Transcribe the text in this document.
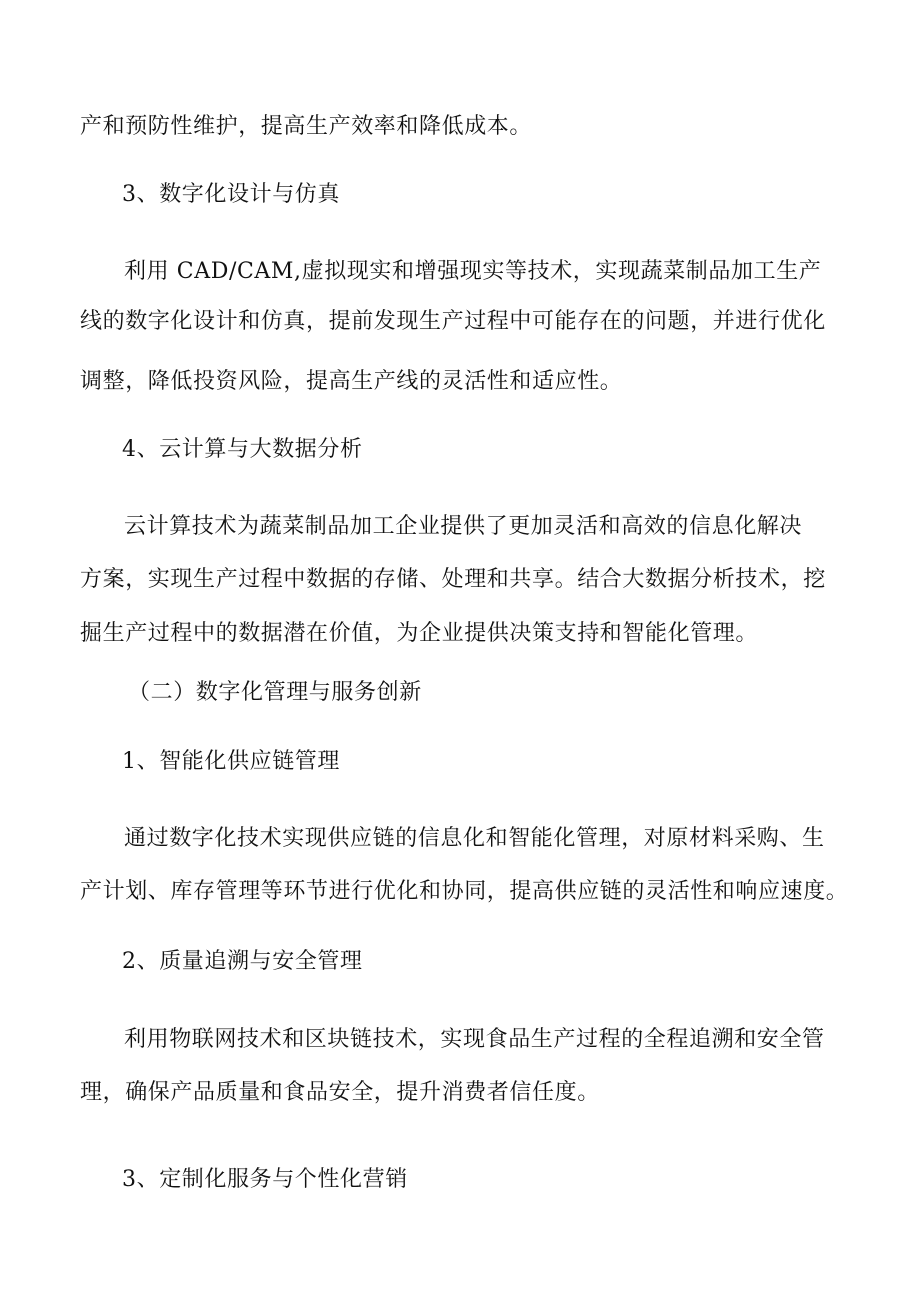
产和预防性维护，提高生产效率和降低成本。
3、数字化设计与仿真
利用 CAD/CAM,虚拟现实和增强现实等技术，实现蔬菜制品加工生产
线的数字化设计和仿真，提前发现生产过程中可能存在的问题，并进行优化
调整，降低投资风险，提高生产线的灵活性和适应性。
4、云计算与大数据分析
云计算技术为蔬菜制品加工企业提供了更加灵活和高效的信息化解决
方案，实现生产过程中数据的存储、处理和共享。结合大数据分析技术，挖
掘生产过程中的数据潜在价值，为企业提供决策支持和智能化管理。
（二）数字化管理与服务创新
1、智能化供应链管理
通过数字化技术实现供应链的信息化和智能化管理，对原材料采购、生
产计划、库存管理等环节进行优化和协同，提高供应链的灵活性和响应速度。
2、质量追溯与安全管理
利用物联网技术和区块链技术，实现食品生产过程的全程追溯和安全管
理，确保产品质量和食品安全，提升消费者信任度。
3、定制化服务与个性化营销
